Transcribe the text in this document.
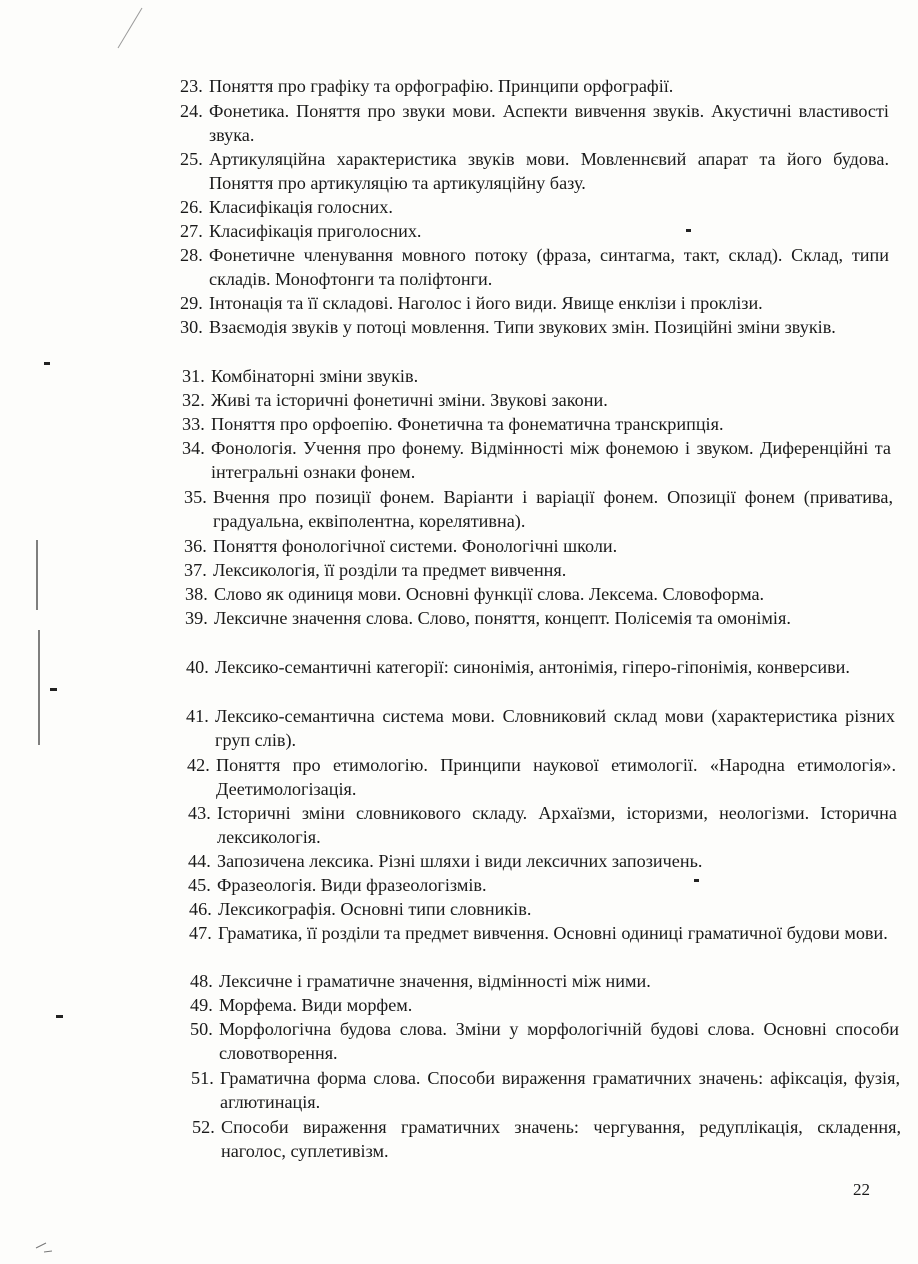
23. Поняття про графіку та орфографію. Принципи орфографії.
24. Фонетика. Поняття про звуки мови. Аспекти вивчення звуків. Акустичні властивості звука.
25. Артикуляційна характеристика звуків мови. Мовленнєвий апарат та його будова. Поняття про артикуляцію та артикуляційну базу.
26. Класифікація голосних.
27. Класифікація приголосних.
28. Фонетичне членування мовного потоку (фраза, синтагма, такт, склад). Склад, типи складів. Монофтонги та поліфтонги.
29. Інтонація та її складові. Наголос і його види. Явище енклізи і проклізи.
30. Взаємодія звуків у потоці мовлення. Типи звукових змін. Позиційні зміни звуків.
31. Комбінаторні зміни звуків.
32. Живі та історичні фонетичні зміни. Звукові закони.
33. Поняття про орфоепію. Фонетична та фонематична транскрипція.
34. Фонологія. Учення про фонему. Відмінності між фонемою і звуком. Диференційні та інтегральні ознаки фонем.
35. Вчення про позиції фонем. Варіанти і варіації фонем. Опозиції фонем (приватива, градуальна, еквіполентна, корелятивна).
36. Поняття фонологічної системи. Фонологічні школи.
37. Лексикологія, її розділи та предмет вивчення.
38. Слово як одиниця мови. Основні функції слова. Лексема. Словоформа.
39. Лексичне значення слова. Слово, поняття, концепт. Полісемія та омонімія.
40. Лексико-семантичні категорії: синонімія, антонімія, гіперо-гіпонімія, конверсиви.
41. Лексико-семантична система мови. Словниковий склад мови (характеристика різних груп слів).
42. Поняття про етимологію. Принципи наукової етимології. «Народна етимологія». Деетимологізація.
43. Історичні зміни словникового складу. Архаїзми, історизми, неологізми. Історична лексикологія.
44. Запозичена лексика. Різні шляхи і види лексичних запозичень.
45. Фразеологія. Види фразеологізмів.
46. Лексикографія. Основні типи словників.
47. Граматика, її розділи та предмет вивчення. Основні одиниці граматичної будови мови.
48. Лексичне і граматичне значення, відмінності між ними.
49. Морфема. Види морфем.
50. Морфологічна будова слова. Зміни у морфологічній будові слова. Основні способи словотворення.
51. Граматична форма слова. Способи вираження граматичних значень: афіксація, фузія, аглютинація.
52. Способи вираження граматичних значень: чергування, редуплікація, складення, наголос, суплетивізм.
22
